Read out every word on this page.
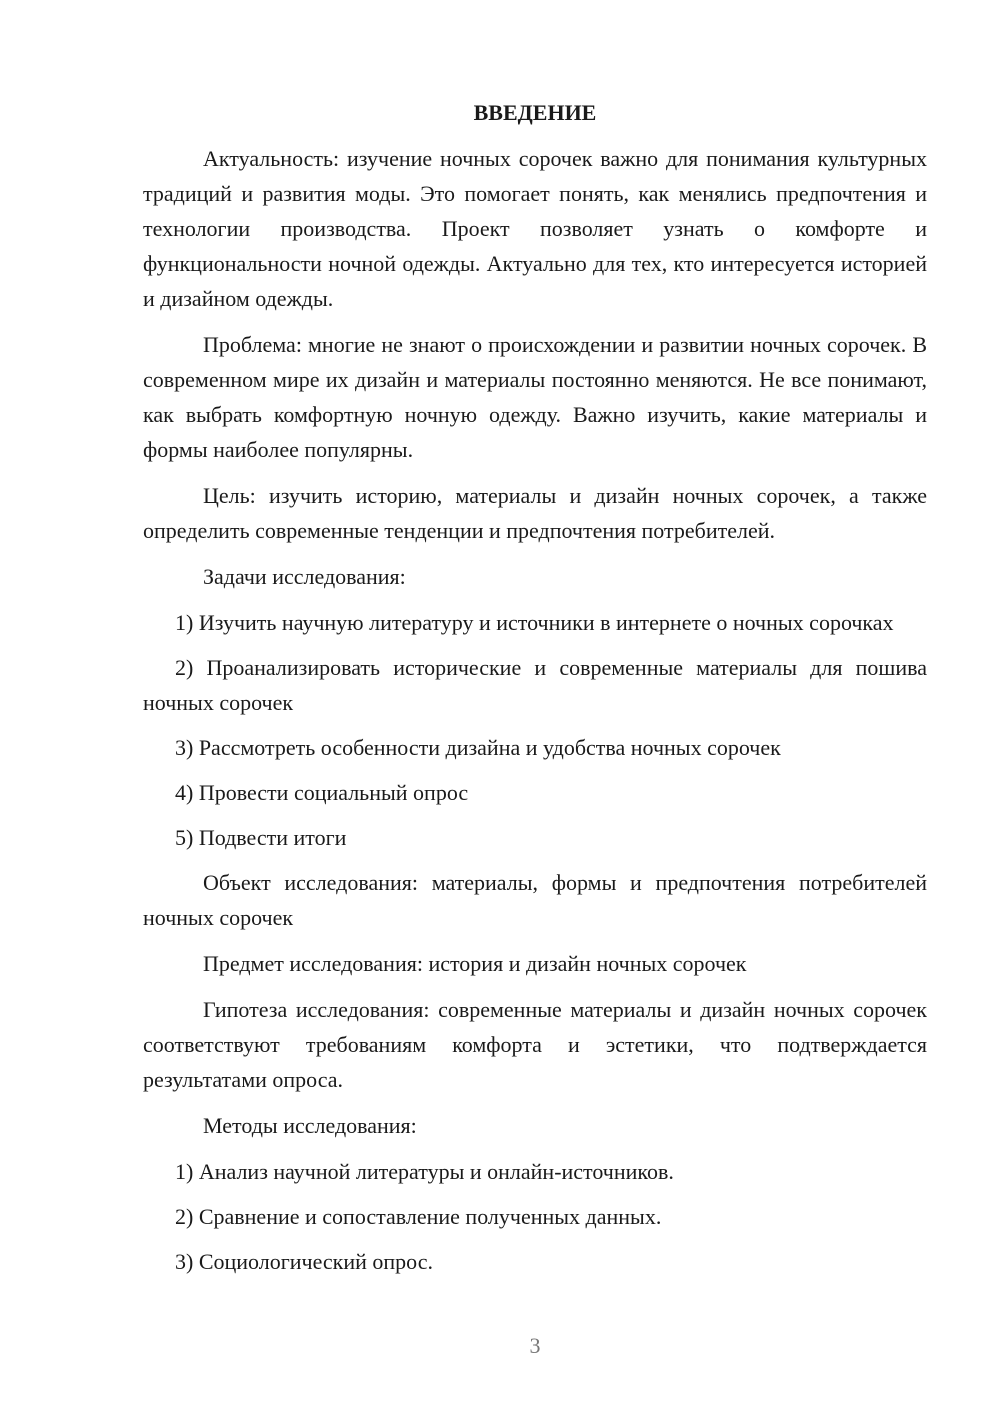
ВВЕДЕНИЕ

Актуальность: изучение ночных сорочек важно для понимания культурных традиций и развития моды. Это помогает понять, как менялись предпочтения и технологии производства. Проект позволяет узнать о комфорте и функциональности ночной одежды. Актуально для тех, кто интересуется историей и дизайном одежды.

Проблема: многие не знают о происхождении и развитии ночных сорочек. В современном мире их дизайн и материалы постоянно меняются. Не все понимают, как выбрать комфортную ночную одежду. Важно изучить, какие материалы и формы наиболее популярны.

Цель: изучить историю, материалы и дизайн ночных сорочек, а также определить современные тенденции и предпочтения потребителей.

Задачи исследования:

1) Изучить научную литературу и источники в интернете о ночных сорочках

2) Проанализировать исторические и современные материалы для пошива ночных сорочек

3) Рассмотреть особенности дизайна и удобства ночных сорочек

4) Провести социальный опрос

5) Подвести итоги

Объект исследования: материалы, формы и предпочтения потребителей ночных сорочек

Предмет исследования: история и дизайн ночных сорочек

Гипотеза исследования: современные материалы и дизайн ночных сорочек соответствуют требованиям комфорта и эстетики, что подтверждается результатами опроса.

Методы исследования:

1) Анализ научной литературы и онлайн-источников.

2) Сравнение и сопоставление полученных данных.

3) Социологический опрос.

3
